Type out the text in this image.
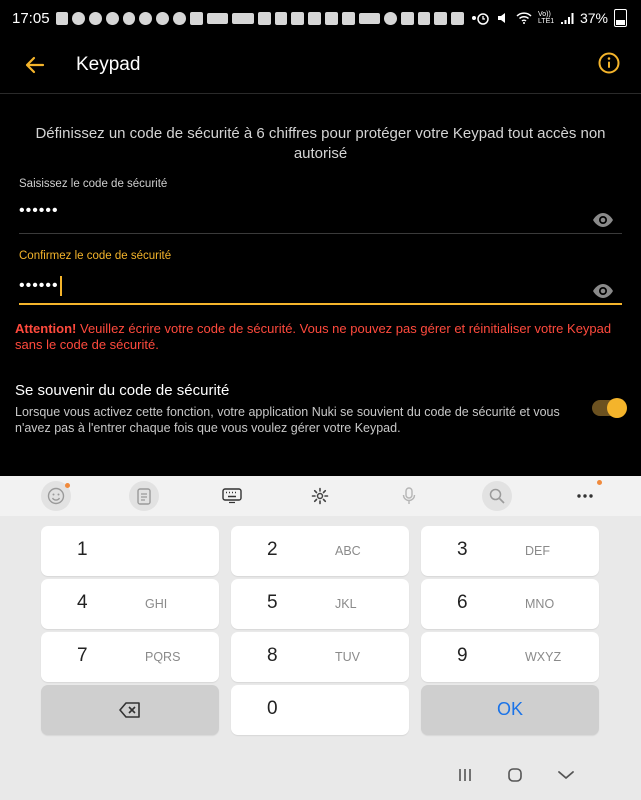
17:05	Vo)) LTE1 37%
Keypad

Définissez un code de sécurité à 6 chiffres pour protéger votre Keypad tout accès non autorisé

Saisissez le code de sécurité
••••••
Confirmez le code de sécurité
••••••

Attention! Veuillez écrire votre code de sécurité. Vous ne pouvez pas gérer et réinitialiser votre Keypad sans le code de sécurité.

Se souvenir du code de sécurité
Lorsque vous activez cette fonction, votre application Nuki se souvient du code de sécurité et vous n'avez pas à l'entrer chaque fois que vous voulez gérer votre Keypad.
1	2	ABC	3	DEF
4	GHI	5	JKL	6	MNO
7	PQRS	8	TUV	9	WXYZ
0	OK
